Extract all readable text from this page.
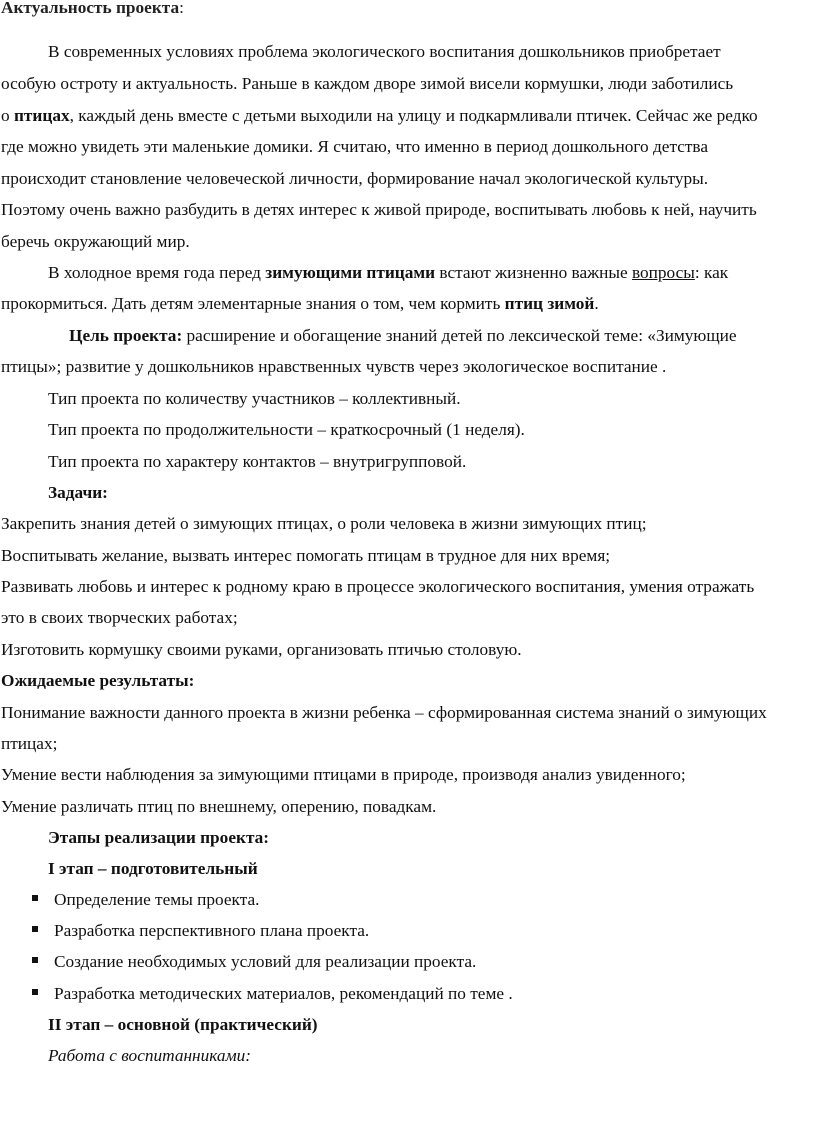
Актуальность проекта:
В современных условиях проблема экологического воспитания дошкольников приобретает
особую остроту и актуальность. Раньше в каждом дворе зимой висели кормушки, люди заботились
о птицах, каждый день вместе с детьми выходили на улицу и подкармливали птичек. Сейчас же редко
где можно увидеть эти маленькие домики. Я считаю, что именно в период дошкольного детства
происходит становление человеческой личности, формирование начал экологической культуры.
Поэтому очень важно разбудить в детях интерес к живой природе, воспитывать любовь к ней, научить
беречь окружающий мир.
В холодное время года перед зимующими птицами встают жизненно важные вопросы: как
прокормиться. Дать детям элементарные знания о том, чем кормить птиц зимой.
Цель проекта: расширение и обогащение знаний детей по лексической теме: «Зимующие
птицы»; развитие у дошкольников нравственных чувств через экологическое воспитание .
Тип проекта по количеству участников – коллективный.
Тип проекта по продолжительности – краткосрочный (1 неделя).
Тип проекта по характеру контактов – внутригрупповой.
Задачи:
Закрепить знания детей о зимующих птицах, о роли человека в жизни зимующих птиц;
Воспитывать желание, вызвать интерес помогать птицам в трудное для них время;
Развивать любовь и интерес к родному краю в процессе экологического воспитания, умения отражать
это в своих творческих работах;
Изготовить кормушку своими руками, организовать птичью столовую.
Ожидаемые результаты:
Понимание важности данного проекта в жизни ребенка – сформированная система знаний о зимующих
птицах;
Умение вести наблюдения за зимующими птицами в природе, производя анализ увиденного;
Умение различать птиц по внешнему, оперению, повадкам.
Этапы реализации проекта:
I этап – подготовительный
Определение темы проекта.
Разработка перспективного плана проекта.
Создание необходимых условий для реализации проекта.
Разработка методических материалов, рекомендаций по теме .
II этап – основной (практический)
Работа с воспитанниками:
